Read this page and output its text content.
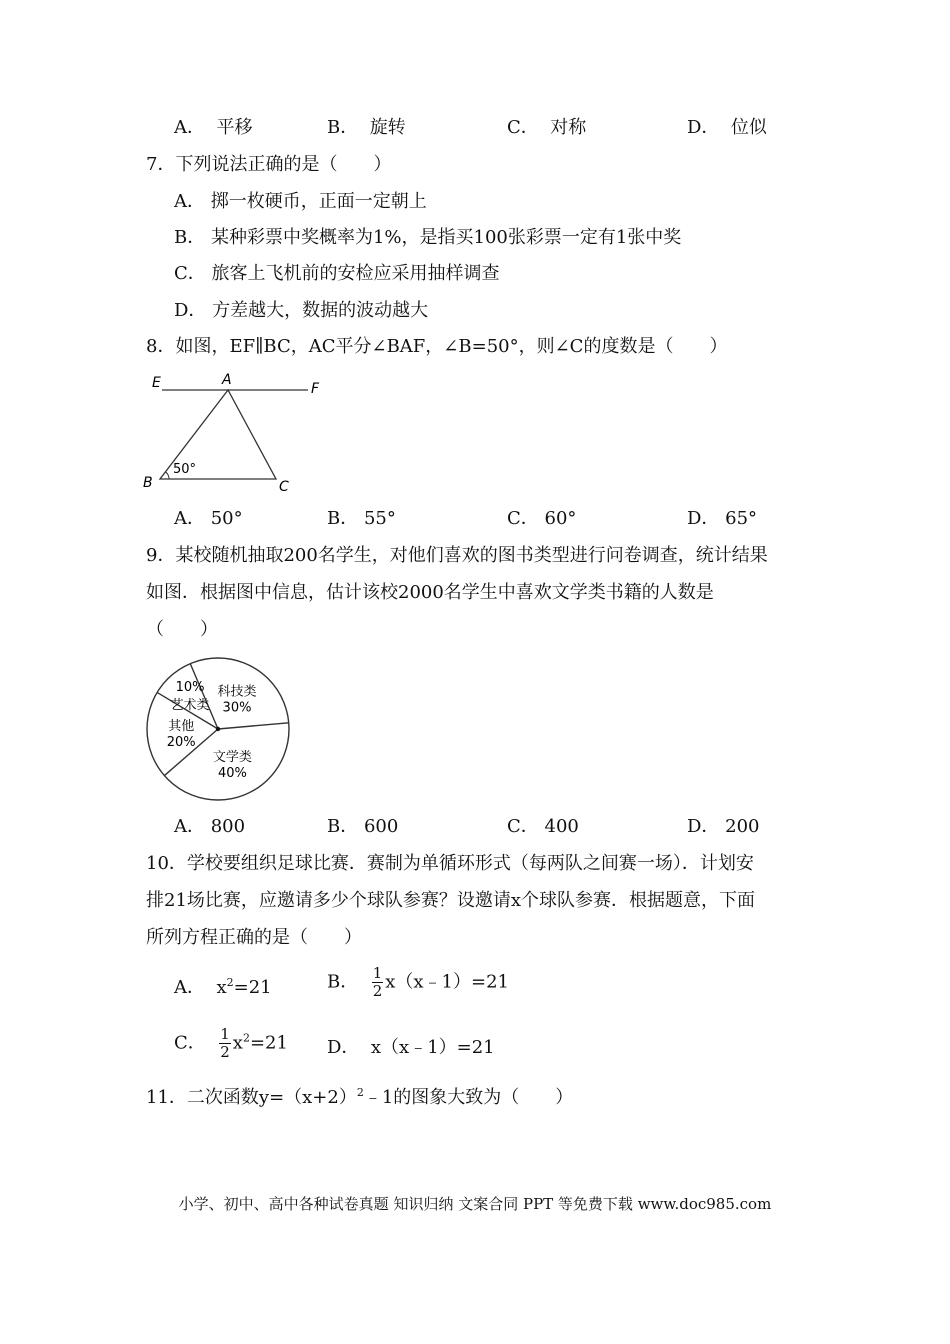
A． 平移	B． 旋转	C． 对称	D． 位似
7．下列说法正确的是（　　）
A． 掷一枚硬币，正面一定朝上
B． 某种彩票中奖概率为1%，是指买100张彩票一定有1张中奖
C． 旅客上飞机前的安检应采用抽样调查
D． 方差越大，数据的波动越大
8．如图，EF∥BC，AC平分∠BAF，∠B=50°，则∠C的度数是（　　）
E	A
F
B	C
50°
A． 50°	B． 55°	C． 60°	D． 65°
9．某校随机抽取200名学生，对他们喜欢的图书类型进行问卷调查，统计结果
如图．根据图中信息，估计该校2000名学生中喜欢文学类书籍的人数是
（　　）
科技类
30%
文学类
40%
其他
20%
艺术类
10%
A． 800	B． 600	C． 400	D． 200
10．学校要组织足球比赛．赛制为单循环形式（每两队之间赛一场）．计划安
排21场比赛，应邀请多少个球队参赛？设邀请x个球队参赛．根据题意，下面
所列方程正确的是（　　）
A． $x^2=21$	B． $\frac{1}{2}$ x（x﹣1）=21
C． $\frac{1}{2} x^2=21$ D． x（x﹣1）=21
11．二次函数$y=(x+2)^2﹣1$的图象大致为（　　）
小学、初中、高中各种试卷真题 知识归纳 文案合同 PPT 等免费下载 www.doc985.com
